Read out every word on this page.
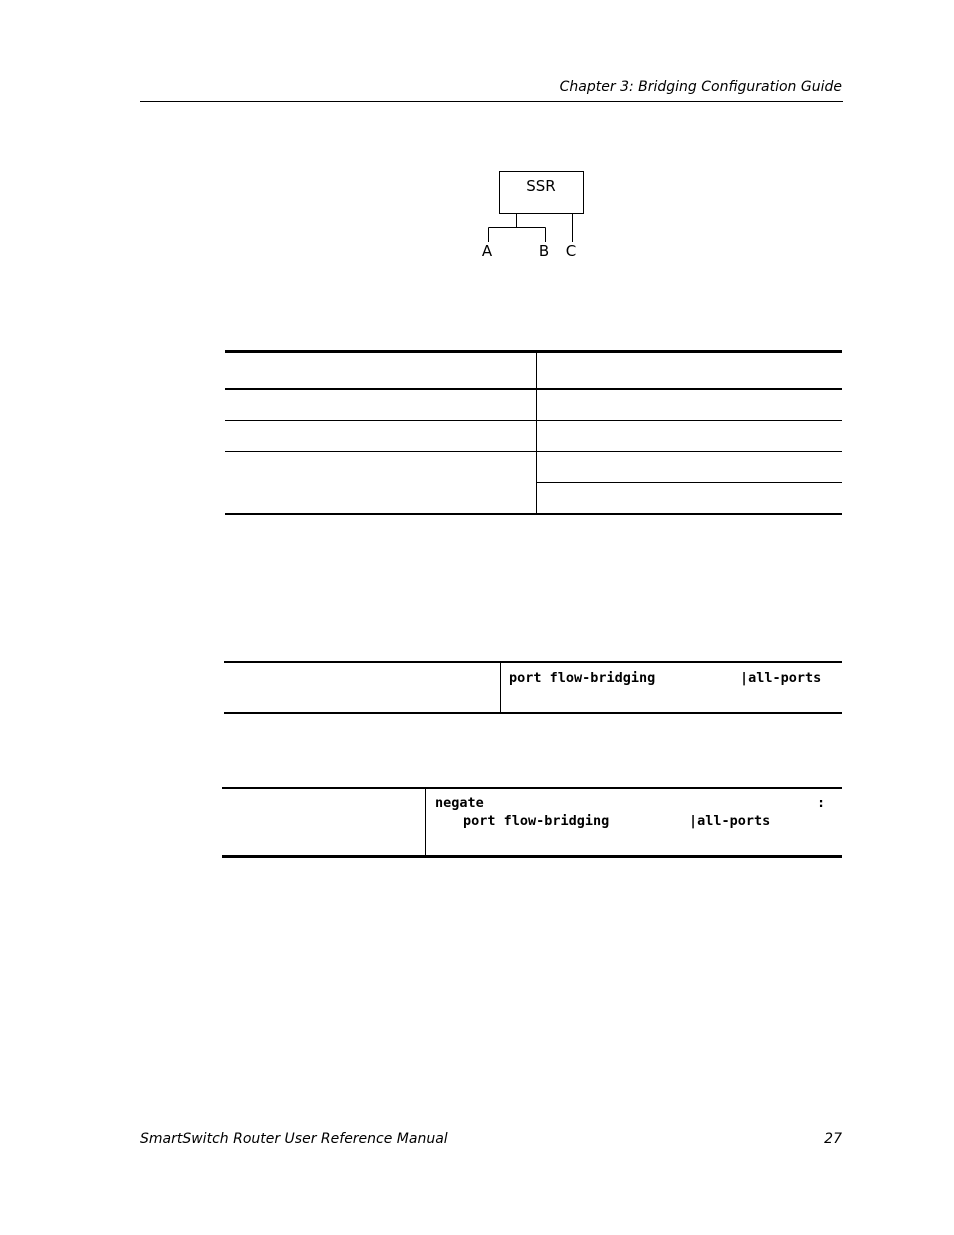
Chapter 3: Bridging Configuration Guide
SSR
A	B C
port flow-bridging	|all-ports
negate	:
port flow-bridging	|all-ports
SmartSwitch Router User Reference Manual	27
